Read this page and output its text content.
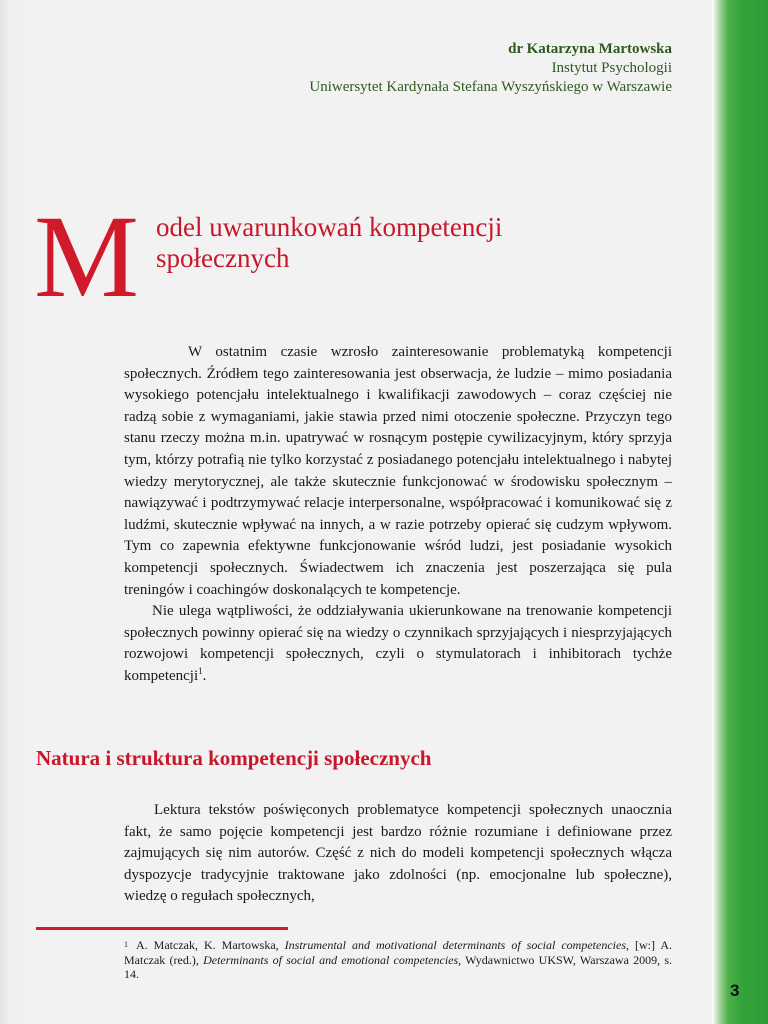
dr Katarzyna Martowska
Instytut Psychologii
Uniwersytet Kardynała Stefana Wyszyńskiego w Warszawie
M odel uwarunkowań kompetencji
społecznych

W ostatnim czasie wzrosło zainteresowanie problematyką kompetencji społecznych. Źródłem tego zainteresowania jest obserwacja, że ludzie – mimo posiadania wysokiego potencjału intelektualnego i kwalifikacji zawodowych – coraz częściej nie radzą sobie z wymaganiami, jakie stawia przed nimi otoczenie społeczne. Przyczyn tego stanu rzeczy można m.in. upatrywać w rosnącym postępie cywilizacyjnym, który sprzyja tym, którzy potrafią nie tylko korzystać z posiadanego potencjału intelektualnego i nabytej wiedzy merytorycznej, ale także skutecznie funkcjonować w środowisku społecznym – nawiązywać i podtrzymywać relacje interpersonalne, współpracować i komunikować się z ludźmi, skutecznie wpływać na innych, a w razie potrzeby opierać się cudzym wpływom. Tym co zapewnia efektywne funkcjonowanie wśród ludzi, jest posiadanie wysokich kompetencji społecznych. Świadectwem ich znaczenia jest poszerzająca się pula treningów i coachingów doskonalących te kompetencje.

Nie ulega wątpliwości, że oddziaływania ukierunkowane na trenowanie kompetencji społecznych powinny opierać się na wiedzy o czynnikach sprzyjających i niesprzyjających rozwojowi kompetencji społecznych, czyli o stymulatorach i inhibitorach tychże kompetencji$^1$.

Natura i struktura kompetencji społecznych

Lektura tekstów poświęconych problematyce kompetencji społecznych unaocznia fakt, że samo pojęcie kompetencji jest bardzo różnie rozumiane i definiowane przez zajmujących się nim autorów. Część z nich do modeli kompetencji społecznych włącza dyspozycje tradycyjnie traktowane jako zdolności (np. emocjonalne lub społeczne), wiedzę o regułach społecznych,

$^1$ A. Matczak, K. Martowska, Instrumental and motivational determinants of social competencies, [w:] A. Matczak (red.), Determinants of social and emotional competencies, Wydawnictwo UKSW, Warszawa 2009, s. 14.
3
